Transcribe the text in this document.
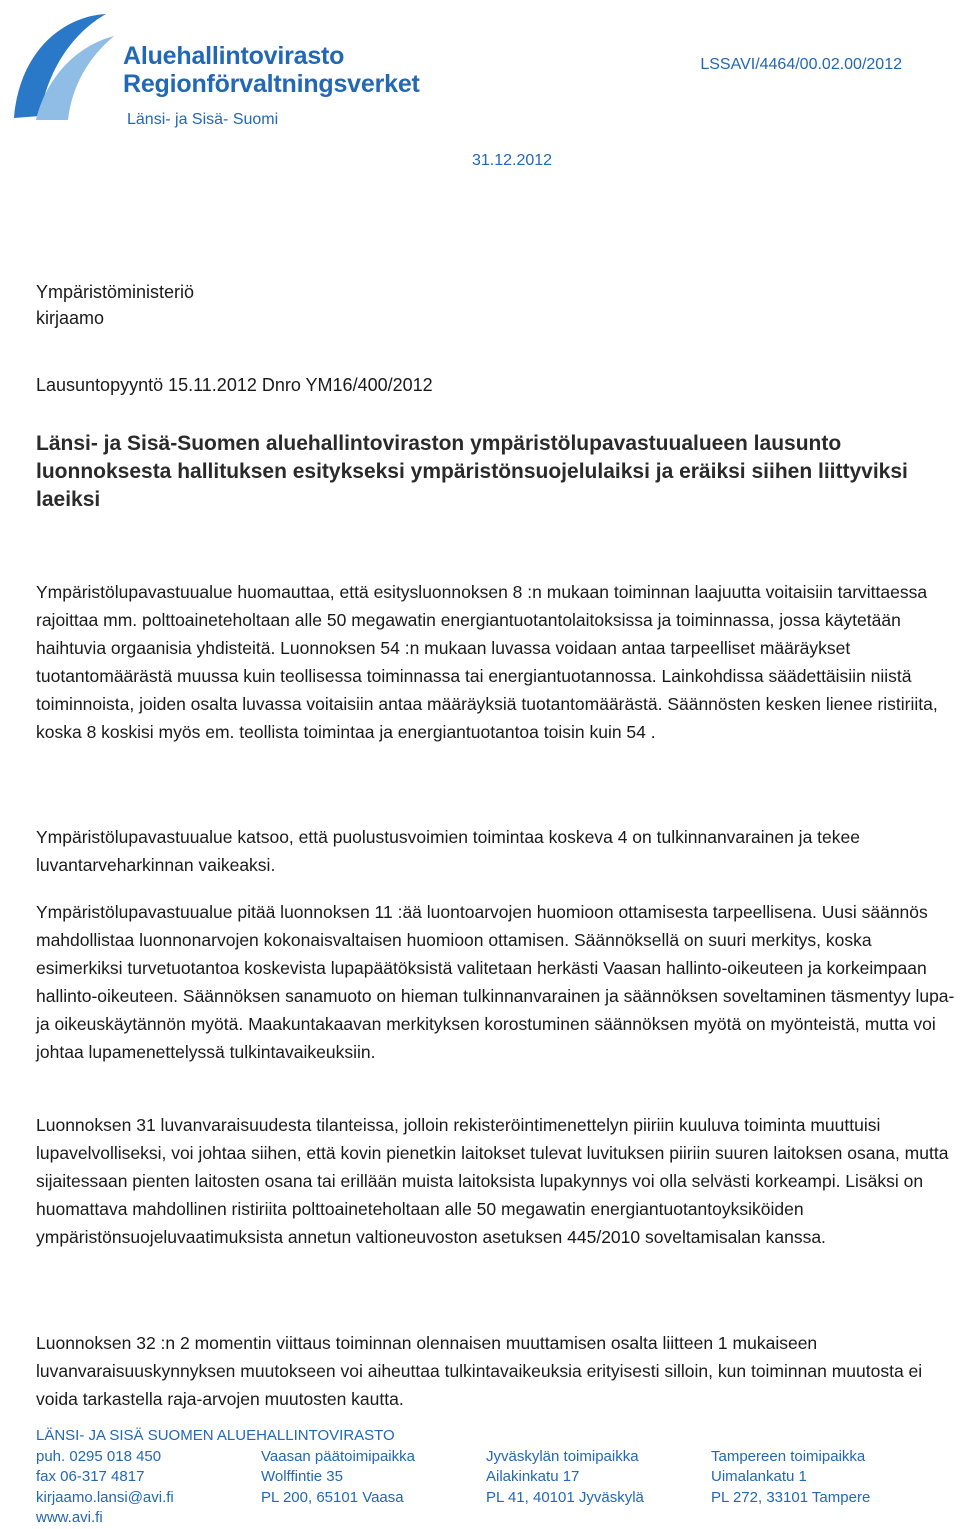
Aluehallintovirasto
Regionförvaltningsverket
Länsi- ja Sisä- Suomi
LSSAVI/4464/00.02.00/2012
31.12.2012
Ympäristöministeriö
kirjaamo
Lausuntopyyntö 15.11.2012 Dnro YM16/400/2012
Länsi- ja Sisä-Suomen aluehallintoviraston ympäristölupavastuualueen lausunto luonnoksesta hallituksen esitykseksi ympäristönsuojelulaiksi ja eräiksi siihen liittyviksi laeiksi

Ympäristölupavastuualue huomauttaa, että esitysluonnoksen 8 :n mukaan toiminnan laajuutta voitaisiin tarvittaessa rajoittaa mm. polttoaineteholtaan alle 50 megawatin energiantuotantolaitoksissa ja toiminnassa, jossa käytetään haihtuvia orgaanisia yhdisteitä. Luonnoksen 54 :n mukaan luvassa voidaan antaa tarpeelliset määräykset tuotantomäärästä muussa kuin teollisessa toiminnassa tai energiantuotannossa. Lainkohdissa säädettäisiin niistä toiminnoista, joiden osalta luvassa voitaisiin antaa määräyksiä tuotantomäärästä. Säännösten kesken lienee ristiriita, koska 8 koskisi myös em. teollista toimintaa ja energiantuotantoa toisin kuin 54 .

Ympäristölupavastuualue katsoo, että puolustusvoimien toimintaa koskeva 4 on tulkinnanvarainen ja tekee luvantarveharkinnan vaikeaksi.

Ympäristölupavastuualue pitää luonnoksen 11 :ää luontoarvojen huomioon ottamisesta tarpeellisena. Uusi säännös mahdollistaa luonnonarvojen kokonaisvaltaisen huomioon ottamisen. Säännöksellä on suuri merkitys, koska esimerkiksi turvetuotantoa koskevista lupapäätöksistä valitetaan herkästi Vaasan hallinto-oikeuteen ja korkeimpaan hallinto-oikeuteen. Säännöksen sanamuoto on hieman tulkinnanvarainen ja säännöksen soveltaminen täsmentyy lupa- ja oikeuskäytännön myötä. Maakuntakaavan merkityksen korostuminen säännöksen myötä on myönteistä, mutta voi johtaa lupamenettelyssä tulkintavaikeuksiin.

Luonnoksen 31 luvanvaraisuudesta tilanteissa, jolloin rekisteröintimenettelyn piiriin kuuluva toiminta muuttuisi lupavelvolliseksi, voi johtaa siihen, että kovin pienetkin laitokset tulevat luvituksen piiriin suuren laitoksen osana, mutta sijaitessaan pienten laitosten osana tai erillään muista laitoksista lupakynnys voi olla selvästi korkeampi. Lisäksi on huomattava mahdollinen ristiriita polttoaineteholtaan alle 50 megawatin energiantuotantoyksiköiden ympäristönsuojeluvaatimuksista annetun valtioneuvoston asetuksen 445/2010 soveltamisalan kanssa.

Luonnoksen 32 :n 2 momentin viittaus toiminnan olennaisen muuttamisen osalta liitteen 1 mukaiseen luvanvaraisuuskynnyksen muutokseen voi aiheuttaa tulkintavaikeuksia erityisesti silloin, kun toiminnan muutosta ei voida tarkastella raja-arvojen muutosten kautta.

LÄNSI- JA SISÄ SUOMEN ALUEHALLINTOVIRASTO
puh. 0295 018 450
fax 06-317 4817
kirjaamo.lansi@avi.fi
www.avi.fi
Vaasan päätoimipaikka
Wolffintie 35
PL 200, 65101 Vaasa
Jyväskylän toimipaikka
Ailakinkatu 17
PL 41, 40101 Jyväskylä
Tampereen toimipaikka
Uimalankatu 1
PL 272, 33101 Tampere
